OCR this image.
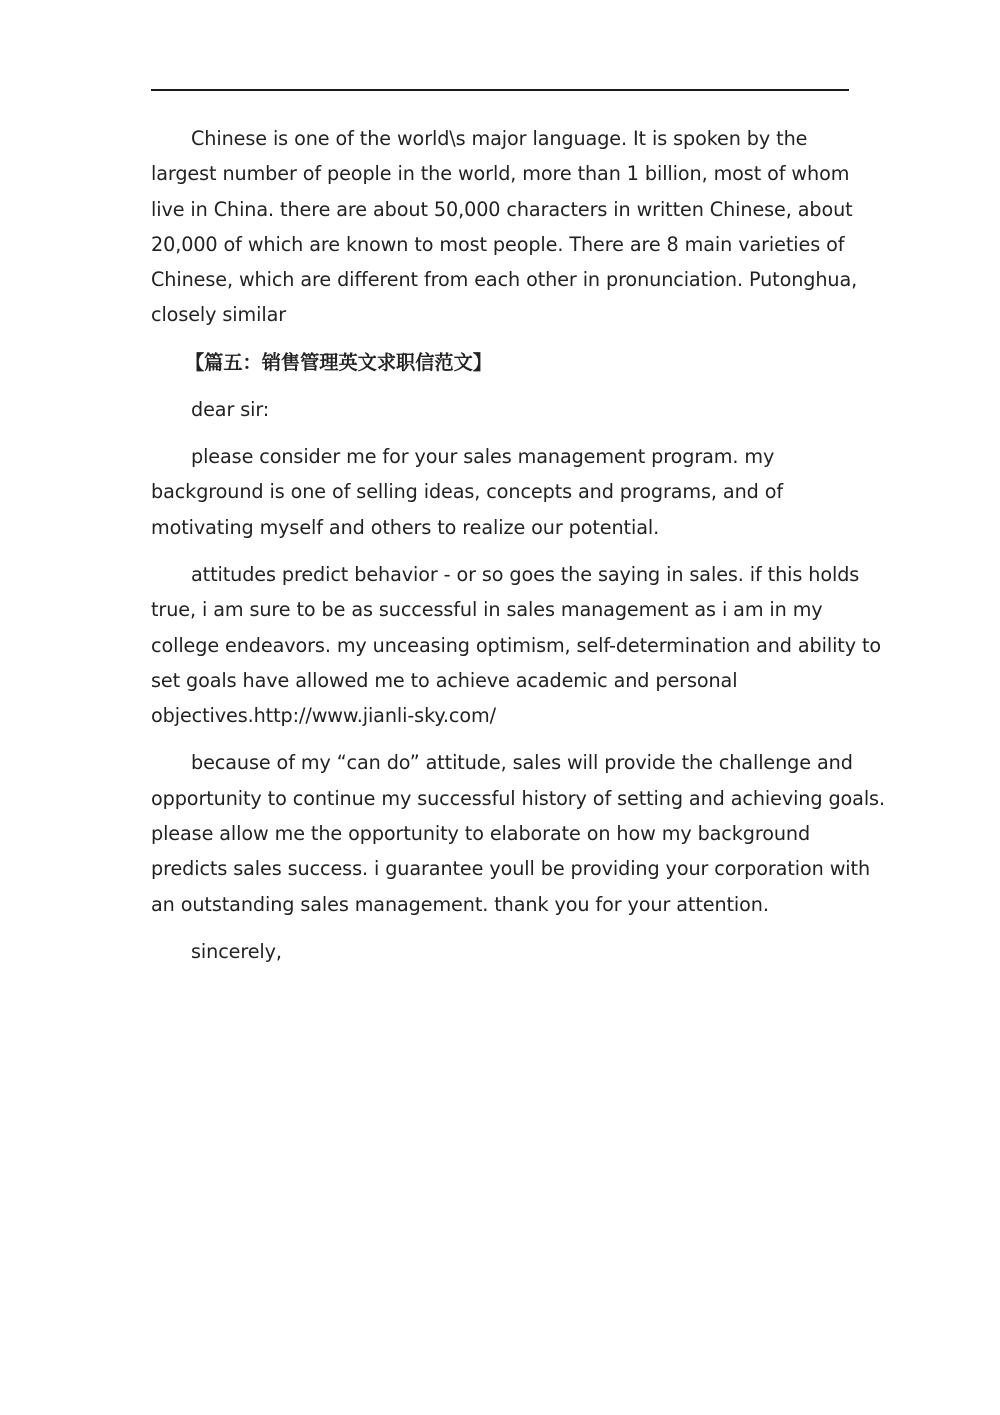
Chinese is one of the world\s major language. It is spoken by the
largest number of people in the world, more than 1 billion, most of whom
live in China. there are about 50,000 characters in written Chinese, about
20,000 of which are known to most people. There are 8 main varieties of
Chinese, which are different from each other in pronunciation. Putonghua,
closely similar

【篇五：销售管理英文求职信范文】

dear sir:

please consider me for your sales management program. my
background is one of selling ideas, concepts and programs, and of
motivating myself and others to realize our potential.

attitudes predict behavior - or so goes the saying in sales. if this holds
true, i am sure to be as successful in sales management as i am in my
college endeavors. my unceasing optimism, self-determination and ability to
set goals have allowed me to achieve academic and personal
objectives.http://www.jianli-sky.com/

because of my “can do” attitude, sales will provide the challenge and
opportunity to continue my successful history of setting and achieving goals.
please allow me the opportunity to elaborate on how my background
predicts sales success. i guarantee youll be providing your corporation with
an outstanding sales management. thank you for your attention.

sincerely,
